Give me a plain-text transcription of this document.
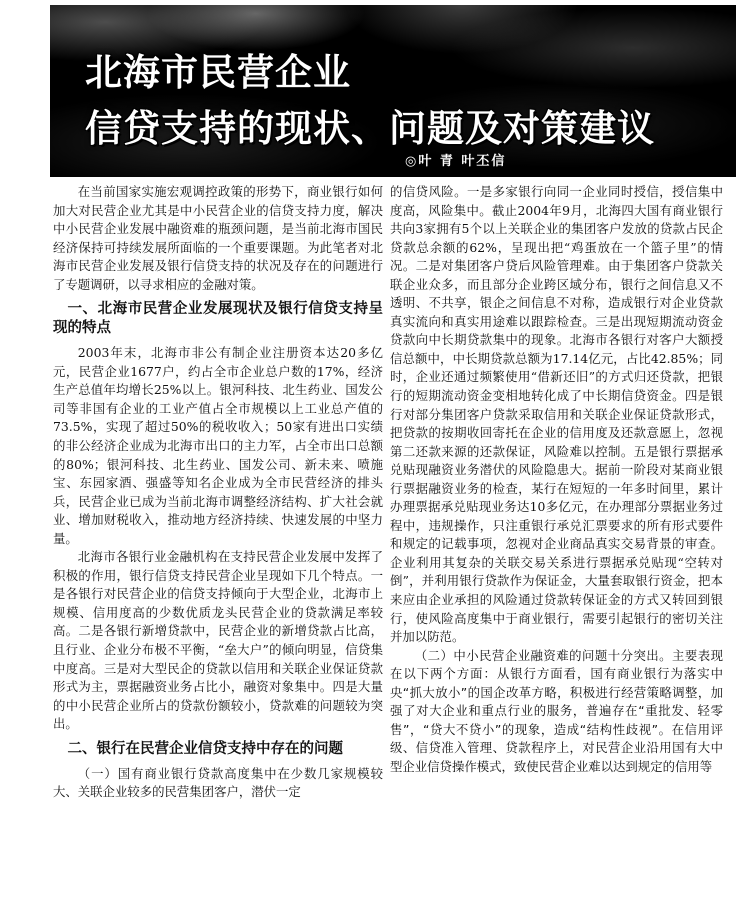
北海市民营企业
信贷支持的现状、问题及对策建议
◎叶 青 叶丕信

在当前国家实施宏观调控政策的形势下，商业银行如何加大对民营企业尤其是中小民营企业的信贷支持力度，解决中小民营企业发展中融资难的瓶颈问题，是当前北海市国民经济保持可持续发展所面临的一个重要课题。为此笔者对北海市民营企业发展及银行信贷支持的状况及存在的问题进行了专题调研，以寻求相应的金融对策。

一、北海市民营企业发展现状及银行信贷支持呈现的特点

2003年末，北海市非公有制企业注册资本达20多亿元，民营企业1677户，约占全市企业总户数的17%，经济生产总值年均增长25%以上。银河科技、北生药业、国发公司等非国有企业的工业产值占全市规模以上工业总产值的73.5%，实现了超过50%的税收收入；50家有进出口实绩的非公经济企业成为北海市出口的主力军，占全市出口总额的80%；银河科技、北生药业、国发公司、新未来、喷施宝、东园家酒、强盛等知名企业成为全市民营经济的排头兵，民营企业已成为当前北海市调整经济结构、扩大社会就业、增加财税收入，推动地方经济持续、快速发展的中坚力量。

北海市各银行业金融机构在支持民营企业发展中发挥了积极的作用，银行信贷支持民营企业呈现如下几个特点。一是各银行对民营企业的信贷支持倾向于大型企业，北海市上规模、信用度高的少数优质龙头民营企业的贷款满足率较高。二是各银行新增贷款中，民营企业的新增贷款占比高，且行业、企业分布极不平衡，“垒大户”的倾向明显，信贷集中度高。三是对大型民企的贷款以信用和关联企业保证贷款形式为主，票据融资业务占比小，融资对象集中。四是大量的中小民营企业所占的贷款份额较小，贷款难的问题较为突出。

二、银行在民营企业信贷支持中存在的问题

（一）国有商业银行贷款高度集中在少数几家规模较大、关联企业较多的民营集团客户，潜伏一定

的信贷风险。一是多家银行向同一企业同时授信，授信集中度高，风险集中。截止2004年9月，北海四大国有商业银行共向3家拥有5个以上关联企业的集团客户发放的贷款占民企贷款总余额的62%，呈现出把“鸡蛋放在一个篮子里”的情况。二是对集团客户贷后风险管理难。由于集团客户贷款关联企业众多，而且部分企业跨区域分布，银行之间信息又不透明、不共享，银企之间信息不对称，造成银行对企业贷款真实流向和真实用途难以跟踪检查。三是出现短期流动资金贷款向中长期贷款集中的现象。北海市各银行对客户大额授信总额中，中长期贷款总额为17.14亿元，占比42.85%；同时，企业还通过频繁使用“借新还旧”的方式归还贷款，把银行的短期流动资金变相地转化成了中长期信贷资金。四是银行对部分集团客户贷款采取信用和关联企业保证贷款形式，把贷款的按期收回寄托在企业的信用度及还款意愿上，忽视第二还款来源的还款保证，风险难以控制。五是银行票据承兑贴现融资业务潜伏的风险隐患大。据前一阶段对某商业银行票据融资业务的检查，某行在短短的一年多时间里，累计办理票据承兑贴现业务达10多亿元，在办理部分票据业务过程中，违规操作，只注重银行承兑汇票要求的所有形式要件和规定的记载事项，忽视对企业商品真实交易背景的审查。企业利用其复杂的关联交易关系进行票据承兑贴现“空转对倒”，并利用银行贷款作为保证金，大量套取银行资金，把本来应由企业承担的风险通过贷款转保证金的方式又转回到银行，使风险高度集中于商业银行，需要引起银行的密切关注并加以防范。

（二）中小民营企业融资难的问题十分突出。主要表现在以下两个方面：从银行方面看，国有商业银行为落实中央“抓大放小”的国企改革方略，积极进行经营策略调整，加强了对大企业和重点行业的服务，普遍存在“重批发、轻零售”，“贷大不贷小”的现象，造成“结构性歧视”。在信用评级、信贷准入管理、贷款程序上，对民营企业沿用国有大中型企业信贷操作模式，致使民营企业难以达到规定的信用等
